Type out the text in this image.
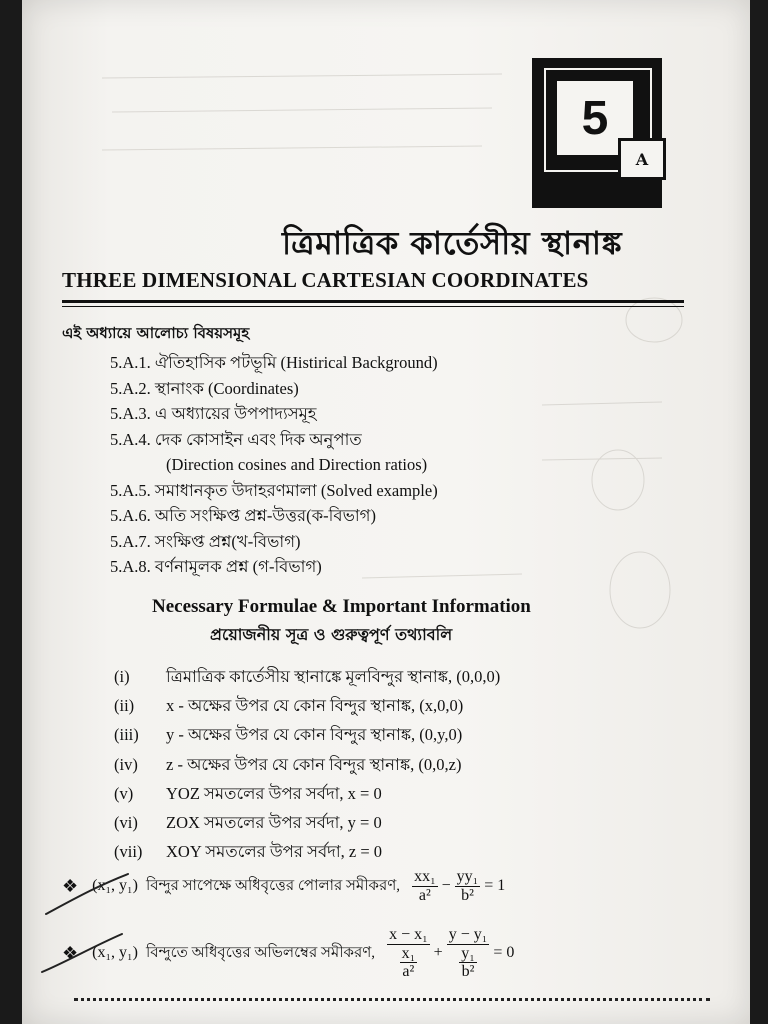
5
A
ত্রিমাত্রিক কার্তেসীয় স্থানাঙ্ক
THREE DIMENSIONAL CARTESIAN COORDINATES
এই অধ্যায়ে আলোচ্য বিষয়সমূহ
5.A.1. ঐতিহাসিক পটভূমি (Histirical Background)
5.A.2. স্থানাংক (Coordinates)
5.A.3. এ অধ্যায়ের উপপাদ্যসমূহ
5.A.4. দেক কোসাইন এবং দিক অনুপাত
(Direction cosines and Direction ratios)
5.A.5. সমাধানকৃত উদাহরণমালা (Solved example)
5.A.6. অতি সংক্ষিপ্ত প্রশ্ন-উত্তর(ক-বিভাগ)
5.A.7. সংক্ষিপ্ত প্রশ্ন(খ-বিভাগ)
5.A.8. বর্ণনামূলক প্রশ্ন (গ-বিভাগ)
Necessary Formulae & Important Information
প্রয়োজনীয় সূত্র ও গুরুত্বপূর্ণ তথ্যাবলি
(i) ত্রিমাত্রিক কার্তেসীয় স্থানাঙ্কে মূলবিন্দুর স্থানাঙ্ক, (0,0,0)
(ii) x - অক্ষের উপর যে কোন বিন্দুর স্থানাঙ্ক, (x,0,0)
(iii) y - অক্ষের উপর যে কোন বিন্দুর স্থানাঙ্ক, (0,y,0)
(iv) z - অক্ষের উপর যে কোন বিন্দুর স্থানাঙ্ক, (0,0,z)
(v) YOZ সমতলের উপর সর্বদা, x = 0
(vi) ZOX সমতলের উপর সর্বদা, y = 0
(vii) XOY সমতলের উপর সর্বদা, z = 0
❖ (x₁, y₁) বিন্দুর সাপেক্ষে অধিবৃত্তের পোলার সমীকরণ, $\frac{\text{xx₁}}{\text{a²}} - \frac{\text{yy₁}}{\text{b²}} = 1$
❖ (x₁, y₁) বিন্দুতে অধিবৃত্তের অভিলম্বের সমীকরণ, $\frac{\text{x − x₁}}{\frac{\text{x₁}}{\text{a²}}} + \frac{\text{y − y₁}}{\frac{\text{y₁}}{\text{b²}}} = 0$
